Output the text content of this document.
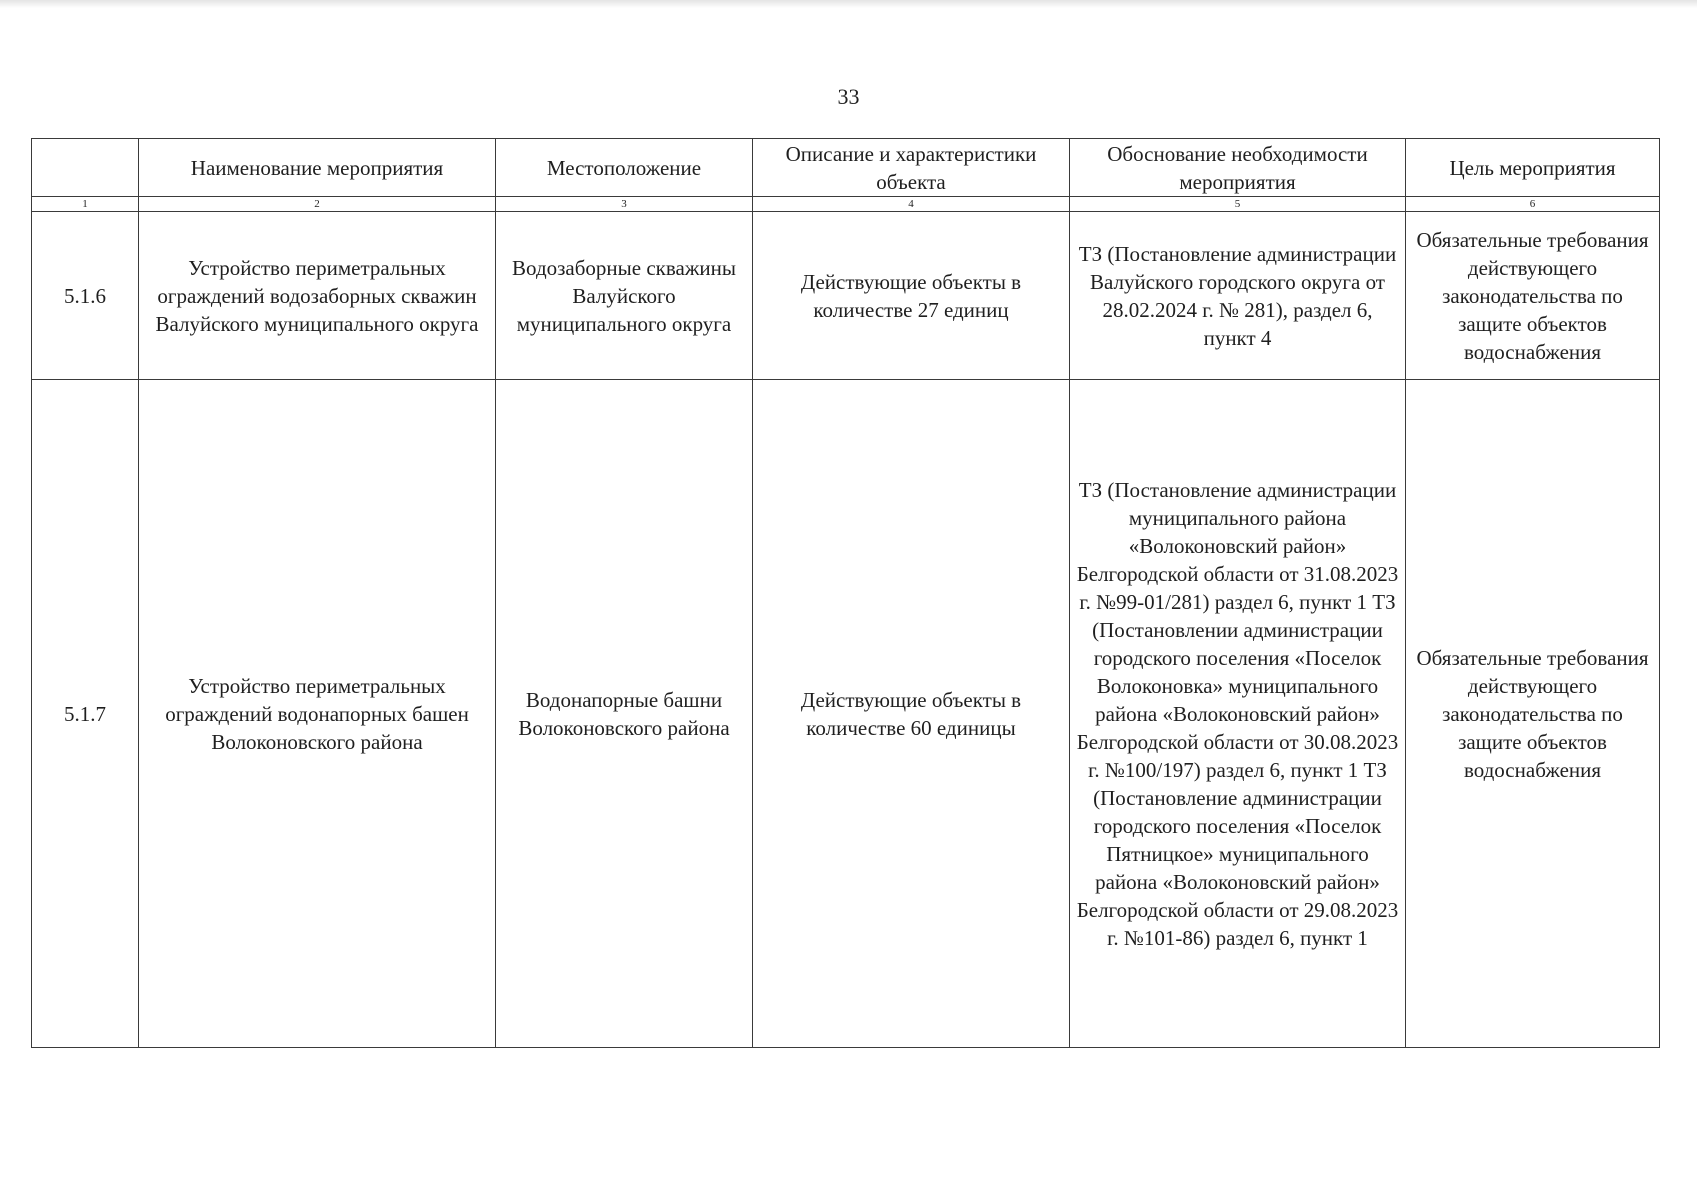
33
	Наименование мероприятия	Местоположение	Описание и характеристики объекта	Обоснование необходимости мероприятия	Цель мероприятия
1	2	3	4	5	6
5.1.6	Устройство периметральных ограждений водозаборных скважин Валуйского муниципального округа	Водозаборные скважины Валуйского муниципального округа	Действующие объекты в количестве 27 единиц	ТЗ (Постановление администрации Валуйского городского округа от 28.02.2024 г. № 281), раздел 6, пункт 4	Обязательные требования действующего законодательства по защите объектов водоснабжения
5.1.7	Устройство периметральных ограждений водонапорных башен Волоконовского района	Водонапорные башни Волоконовского района	Действующие объекты в количестве 60 единицы	ТЗ (Постановление администрации муниципального района «Волоконовский район» Белгородской области от 31.08.2023 г. №99-01/281) раздел 6, пункт 1 ТЗ (Постановлении администрации городского поселения «Поселок Волоконовка» муниципального района «Волоконовский район» Белгородской области от 30.08.2023 г. №100/197) раздел 6, пункт 1 ТЗ (Постановление администрации городского поселения «Поселок Пятницкое» муниципального района «Волоконовский район» Белгородской области от 29.08.2023 г. №101-86) раздел 6, пункт 1	Обязательные требования действующего законодательства по защите объектов водоснабжения
